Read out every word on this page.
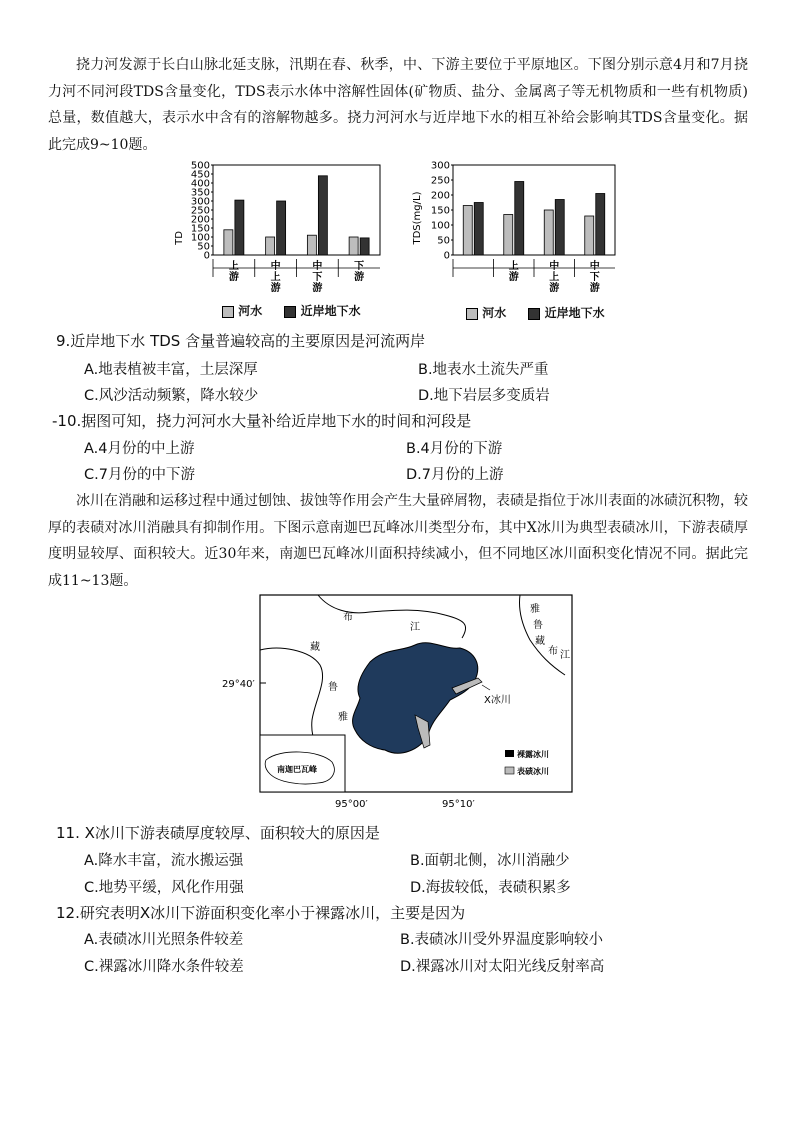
挠力河发源于长白山脉北延支脉，汛期在春、秋季，中、下游主要位于平原地区。下图分别示意4月和7月挠力河不同河段TDS含量变化，TDS表示水体中溶解性固体(矿物质、盐分、金属离子等无机物质和一些有机物质)总量，数值越大，表示水中含有的溶解物越多。挠力河河水与近岸地下水的相互补给会影响其TDS含量变化。据此完成9~10题。

TD
0
50
100
150
200
250
300
350
400
450
500
上
游
中
上
游
中
下
游
下
游
TDS(mg/L)
0
50
100
150
200
250
300
上
游
中
上
游
中
下
游
河水	近岸地下水	河水	近岸地下水

9.近岸地下水 TDS 含量普遍较高的主要原因是河流两岸

A.地表植被丰富，土层深厚	B.地表水土流失严重

C.风沙活动频繁，降水较少	D.地下岩层多变质岩

-10.据图可知，挠力河河水大量补给近岸地下水的时间和河段是

A.4月份的中上游	B.4月份的下游

C.7月份的中下游	D.7月份的上游

冰川在消融和运移过程中通过刨蚀、拔蚀等作用会产生大量碎屑物，表碛是指位于冰川表面的冰碛沉积物，较厚的表碛对冰川消融具有抑制作用。下图示意南迦巴瓦峰冰川类型分布，其中X冰川为典型表碛冰川，下游表碛厚度明显较厚、面积较大。近30年来，南迦巴瓦峰冰川面积持续减小，但不同地区冰川面积变化情况不同。据此完成11~13题。

X冰川
布
江
藏
鲁
雅
雅
鲁
藏
布 江
29°40′
95°00′	95°10′
南迦巴瓦峰
裸露冰川
表碛冰川

11. X冰川下游表碛厚度较厚、面积较大的原因是

A.降水丰富，流水搬运强	B.面朝北侧，冰川消融少

C.地势平缓，风化作用强	D.海拔较低，表碛积累多

12.研究表明X冰川下游面积变化率小于裸露冰川，主要是因为

A.表碛冰川光照条件较差	B.表碛冰川受外界温度影响较小

C.裸露冰川降水条件较差	D.裸露冰川对太阳光线反射率高
